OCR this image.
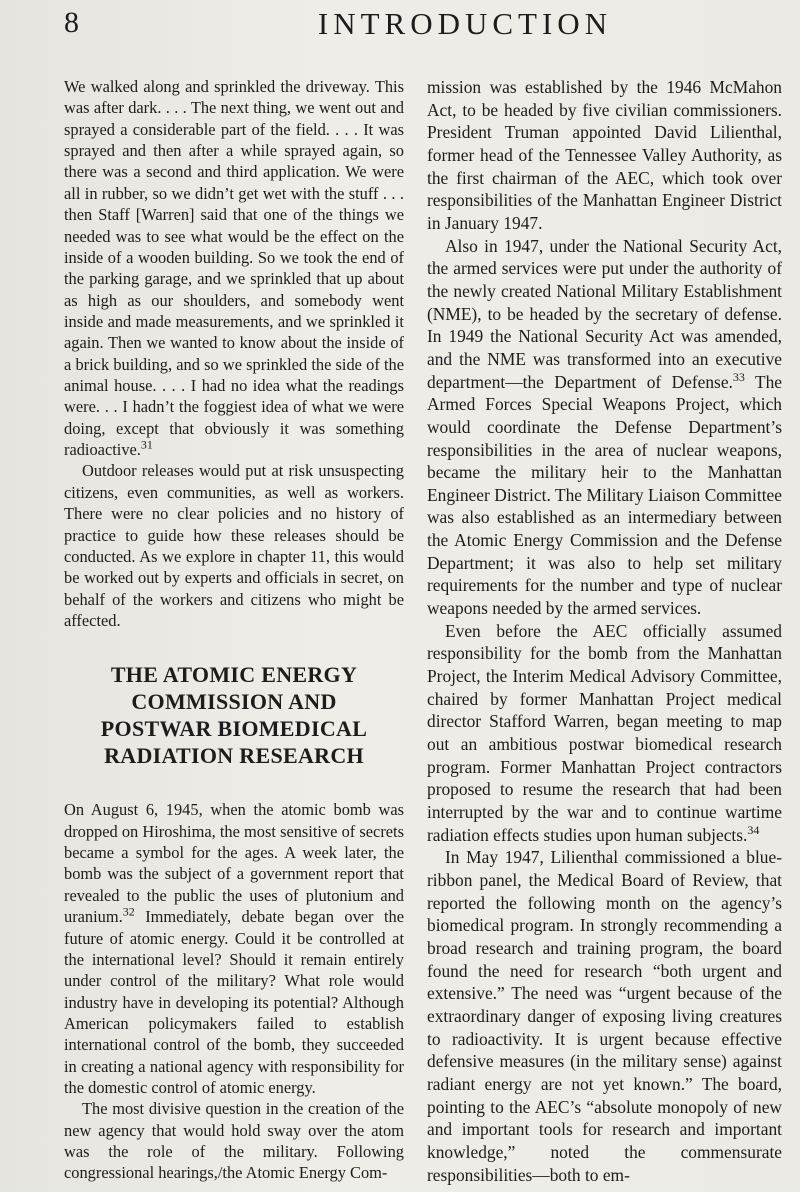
8	INTRODUCTION

We walked along and sprinkled the driveway. This was after dark. . . . The next thing, we went out and sprayed a considerable part of the field. . . . It was sprayed and then after a while sprayed again, so there was a second and third application. We were all in rubber, so we didn’t get wet with the stuff . . . then Staff [Warren] said that one of the things we needed was to see what would be the effect on the inside of a wooden building. So we took the end of the parking garage, and we sprinkled that up about as high as our shoulders, and somebody went inside and made measurements, and we sprinkled it again. Then we wanted to know about the inside of a brick building, and so we sprinkled the side of the animal house. . . . I had no idea what the readings were. . . I hadn’t the foggiest idea of what we were doing, except that obviously it was something radioactive.$^{31}$

Outdoor releases would put at risk unsuspecting citizens, even communities, as well as workers. There were no clear policies and no history of practice to guide how these releases should be conducted. As we explore in chapter 11, this would be worked out by experts and officials in secret, on behalf of the workers and citizens who might be affected.

THE ATOMIC ENERGY
COMMISSION AND
POSTWAR BIOMEDICAL
RADIATION RESEARCH

On August 6, 1945, when the atomic bomb was dropped on Hiroshima, the most sensitive of secrets became a symbol for the ages. A week later, the bomb was the subject of a government report that revealed to the public the uses of plutonium and uranium.$^{32}$ Immediately, debate began over the future of atomic energy. Could it be controlled at the international level? Should it remain entirely under control of the military? What role would industry have in developing its potential? Although American policymakers failed to establish international control of the bomb, they succeeded in creating a national agency with responsibility for the domestic control of atomic energy.

The most divisive question in the creation of the new agency that would hold sway over the atom was the role of the military. Following congressional hearings,/the Atomic Energy Com-

mission was established by the 1946 McMahon Act, to be headed by five civilian commissioners. President Truman appointed David Lilienthal, former head of the Tennessee Valley Authority, as the first chairman of the AEC, which took over responsibilities of the Manhattan Engineer District in January 1947.

Also in 1947, under the National Security Act, the armed services were put under the authority of the newly created National Military Establishment (NME), to be headed by the secretary of defense. In 1949 the National Security Act was amended, and the NME was transformed into an executive department—the Department of Defense.$^{33}$ The Armed Forces Special Weapons Project, which would coordinate the Defense Department’s responsibilities in the area of nuclear weapons, became the military heir to the Manhattan Engineer District. The Military Liaison Committee was also established as an intermediary between the Atomic Energy Commission and the Defense Department; it was also to help set military requirements for the number and type of nuclear weapons needed by the armed services.

Even before the AEC officially assumed responsibility for the bomb from the Manhattan Project, the Interim Medical Advisory Committee, chaired by former Manhattan Project medical director Stafford Warren, began meeting to map out an ambitious postwar biomedical research program. Former Manhattan Project contractors proposed to resume the research that had been interrupted by the war and to continue wartime radiation effects studies upon human subjects.$^{34}$

In May 1947, Lilienthal commissioned a blue-ribbon panel, the Medical Board of Review, that reported the following month on the agency’s biomedical program. In strongly recommending a broad research and training program, the board found the need for research “both urgent and extensive.” The need was “urgent because of the extraordinary danger of exposing living creatures to radioactivity. It is urgent because effective defensive measures (in the military sense) against radiant energy are not yet known.” The board, pointing to the AEC’s “absolute monopoly of new and important tools for research and important knowledge,” noted the commensurate responsibilities—both to em-
